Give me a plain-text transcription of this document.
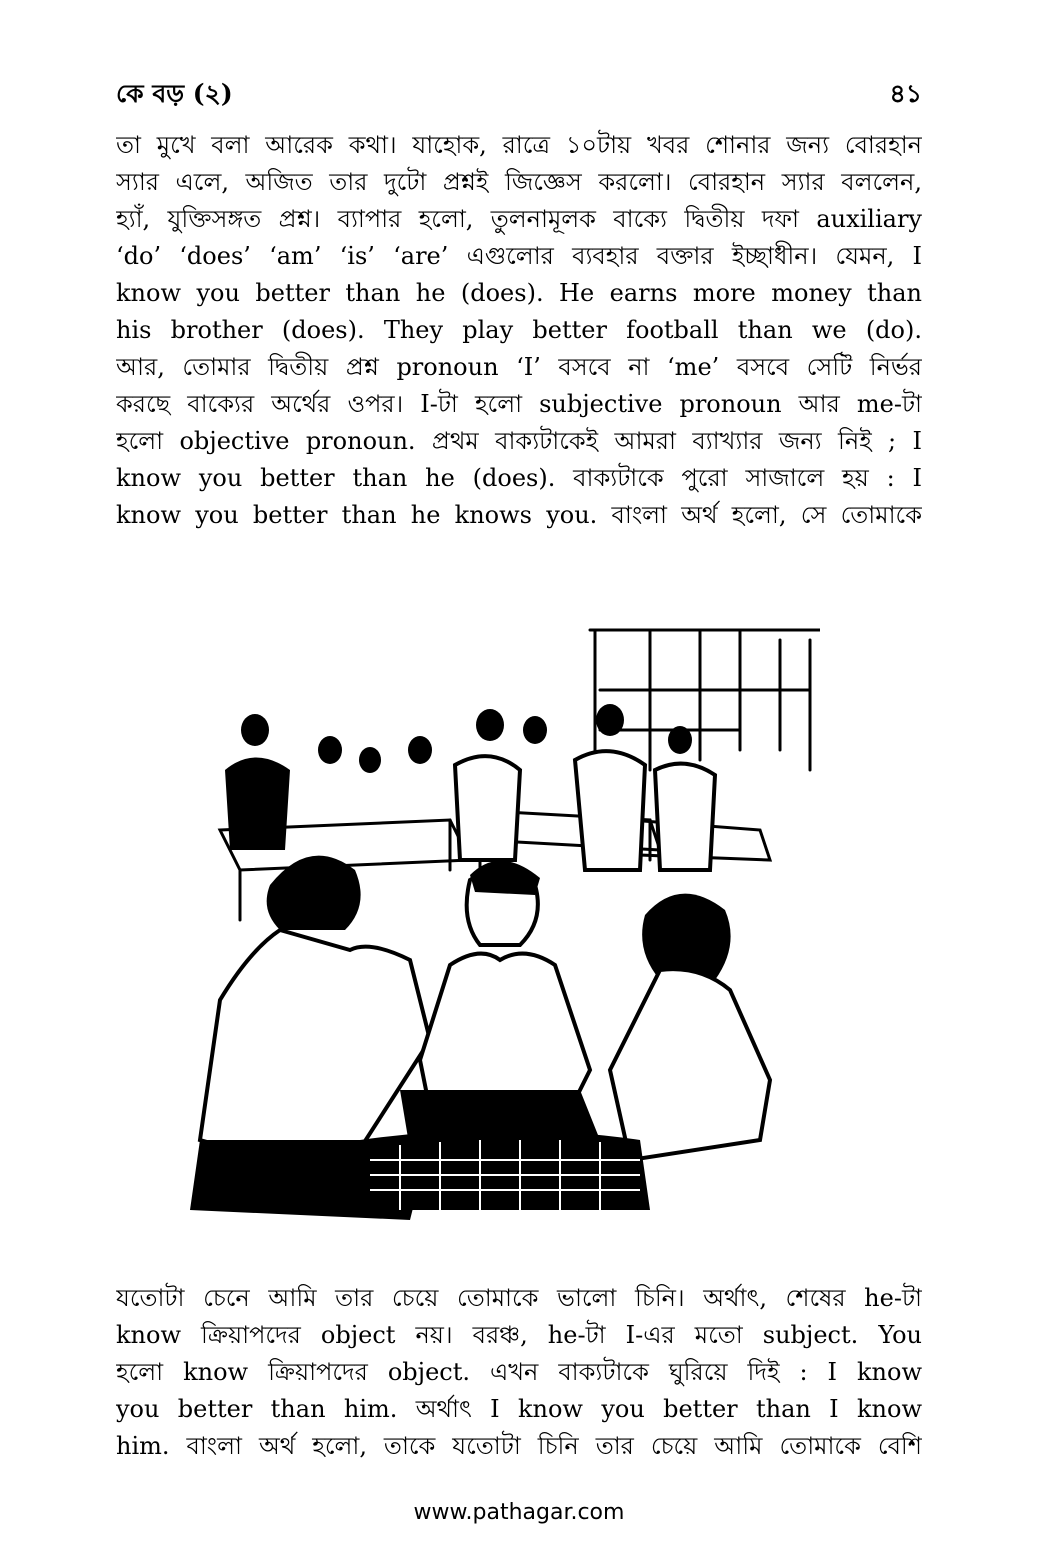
কে বড় (২)	৪১
তা মুখে বলা আরেক কথা। যাহোক, রাত্রে ১০টায় খবর শোনার জন্য বোরহান
স্যার এলে, অজিত তার দুটো প্রশ্নই জিজ্ঞেস করলো। বোরহান স্যার বললেন,
হ্যাঁ, যুক্তিসঙ্গত প্রশ্ন। ব্যাপার হলো, তুলনামূলক বাক্যে দ্বিতীয় দফা auxiliary
‘do’ ‘does’ ‘am’ ‘is’ ‘are’ এগুলোর ব্যবহার বক্তার ইচ্ছাধীন। যেমন, I
know you better than he (does). He earns more money than
his brother (does). They play better football than we (do).
আর, তোমার দ্বিতীয় প্রশ্ন pronoun ‘I’ বসবে না ‘me’ বসবে সেটি নির্ভর
করছে বাক্যের অর্থের ওপর। I-টা হলো subjective pronoun আর me-টা
হলো objective pronoun. প্রথম বাক্যটাকেই আমরা ব্যাখ্যার জন্য নিই ; I
know you better than he (does). বাক্যটাকে পুরো সাজালে হয় : I
know you better than he knows you. বাংলা অর্থ হলো, সে তোমাকে
যতোটা চেনে আমি তার চেয়ে তোমাকে ভালো চিনি। অর্থাৎ, শেষের he-টা
know ক্রিয়াপদের object নয়। বরঞ্চ, he-টা I-এর মতো subject. You
হলো know ক্রিয়াপদের object. এখন বাক্যটাকে ঘুরিয়ে দিই : I know
you better than him. অর্থাৎ I know you better than I know
him. বাংলা অর্থ হলো, তাকে যতোটা চিনি তার চেয়ে আমি তোমাকে বেশি
www.pathagar.com
